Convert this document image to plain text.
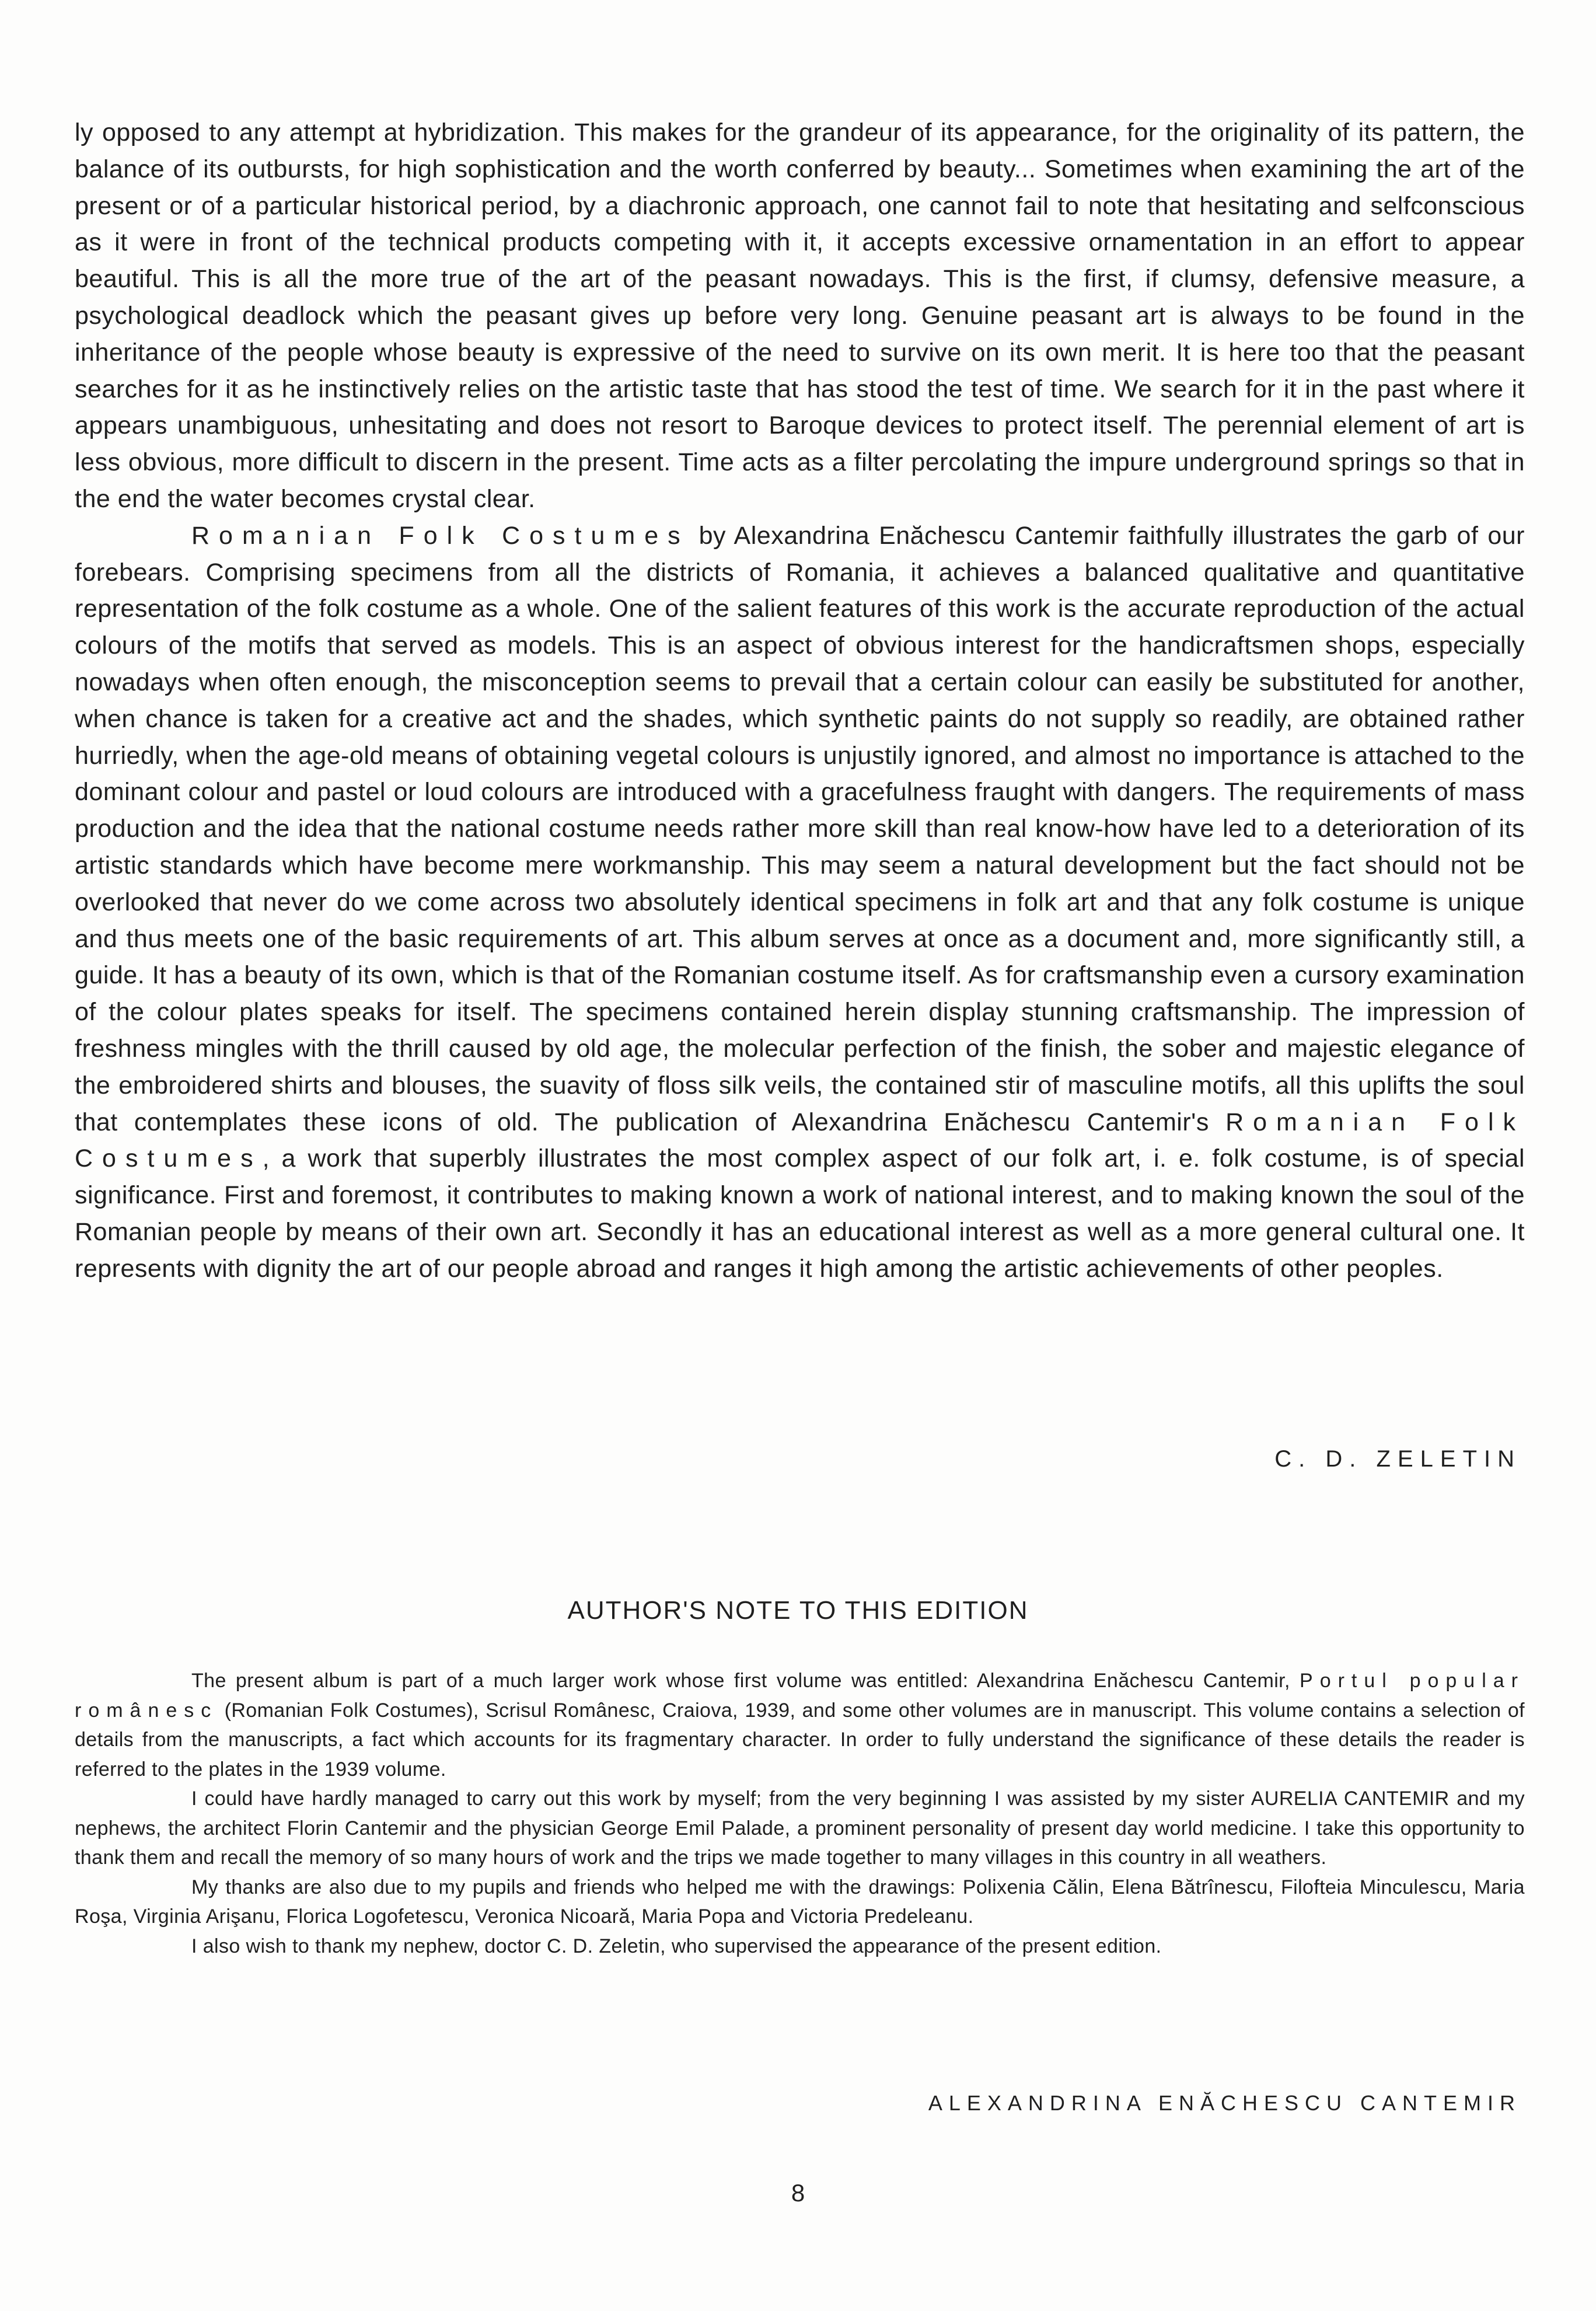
ly opposed to any attempt at hybridization. This makes for the grandeur of its appearance, for the originality of its pattern, the balance of its outbursts, for high sophistication and the worth conferred by beauty... Sometimes when examining the art of the present or of a particular historical period, by a diachronic approach, one cannot fail to note that hesitating and selfconscious as it were in front of the technical products competing with it, it accepts excessive ornamentation in an effort to appear beautiful. This is all the more true of the art of the peasant nowadays. This is the first, if clumsy, defensive measure, a psychological deadlock which the peasant gives up before very long. Genuine peasant art is always to be found in the inheritance of the people whose beauty is expressive of the need to survive on its own merit. It is here too that the peasant searches for it as he instinctively relies on the artistic taste that has stood the test of time. We search for it in the past where it appears unambiguous, unhesitating and does not resort to Baroque devices to protect itself. The perennial element of art is less obvious, more difficult to discern in the present. Time acts as a filter percolating the impure underground springs so that in the end the water becomes crystal clear.

Romanian Folk Costumes by Alexandrina Enăchescu Cantemir faithfully illustrates the garb of our forebears. Comprising specimens from all the districts of Romania, it achieves a balanced qualitative and quantitative representation of the folk costume as a whole. One of the salient features of this work is the accurate reproduction of the actual colours of the motifs that served as models. This is an aspect of obvious interest for the handicraftsmen shops, especially nowadays when often enough, the misconception seems to prevail that a certain colour can easily be substituted for another, when chance is taken for a creative act and the shades, which synthetic paints do not supply so readily, are obtained rather hurriedly, when the age-old means of obtaining vegetal colours is unjustily ignored, and almost no importance is attached to the dominant colour and pastel or loud colours are introduced with a gracefulness fraught with dangers. The requirements of mass production and the idea that the national costume needs rather more skill than real know-how have led to a deterioration of its artistic standards which have become mere workmanship. This may seem a natural development but the fact should not be overlooked that never do we come across two absolutely identical specimens in folk art and that any folk costume is unique and thus meets one of the basic requirements of art. This album serves at once as a document and, more significantly still, a guide. It has a beauty of its own, which is that of the Romanian costume itself. As for craftsmanship even a cursory examination of the colour plates speaks for itself. The specimens contained herein display stunning craftsmanship. The impression of freshness mingles with the thrill caused by old age, the molecular perfection of the finish, the sober and majestic elegance of the embroidered shirts and blouses, the suavity of floss silk veils, the contained stir of masculine motifs, all this uplifts the soul that contemplates these icons of old. The publication of Alexandrina Enăchescu Cantemir's Romanian Folk Costumes, a work that superbly illustrates the most complex aspect of our folk art, i. e. folk costume, is of special significance. First and foremost, it contributes to making known a work of national interest, and to making known the soul of the Romanian people by means of their own art. Secondly it has an educational interest as well as a more general cultural one. It represents with dignity the art of our people abroad and ranges it high among the artistic achievements of other peoples.

C. D. ZELETIN
AUTHOR'S NOTE TO THIS EDITION

The present album is part of a much larger work whose first volume was entitled: Alexandrina Enăchescu Cantemir, Portul popular românesc (Romanian Folk Costumes), Scrisul Românesc, Craiova, 1939, and some other volumes are in manuscript. This volume contains a selection of details from the manuscripts, a fact which accounts for its fragmentary character. In order to fully understand the significance of these details the reader is referred to the plates in the 1939 volume.

I could have hardly managed to carry out this work by myself; from the very beginning I was assisted by my sister AURELIA CANTEMIR and my nephews, the architect Florin Cantemir and the physician George Emil Palade, a prominent personality of present day world medicine. I take this opportunity to thank them and recall the memory of so many hours of work and the trips we made together to many villages in this country in all weathers.

My thanks are also due to my pupils and friends who helped me with the drawings: Polixenia Călin, Elena Bătrînescu, Filofteia Minculescu, Maria Roşa, Virginia Arişanu, Florica Logofetescu, Veronica Nicoară, Maria Popa and Victoria Predeleanu.

I also wish to thank my nephew, doctor C. D. Zeletin, who supervised the appearance of the present edition.

ALEXANDRINA ENĂCHESCU CANTEMIR
8
